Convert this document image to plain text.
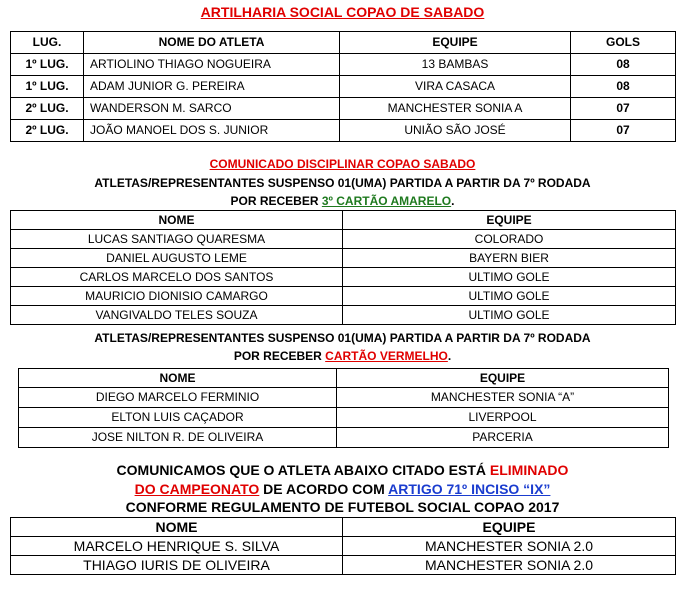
ARTILHARIA SOCIAL COPAO DE SABADO
LUG.	NOME DO ATLETA	EQUIPE	GOLS
1º LUG.	ARTIOLINO THIAGO NOGUEIRA	13 BAMBAS	08
1º LUG.	ADAM JUNIOR G. PEREIRA	VIRA CASACA	08
2º LUG.	WANDERSON M. SARCO	MANCHESTER SONIA A	07
2º LUG.	JOÃO MANOEL DOS S. JUNIOR	UNIÃO SÃO JOSÉ	07
COMUNICADO DISCIPLINAR COPAO SABADO
ATLETAS/REPRESENTANTES SUSPENSO 01(UMA) PARTIDA A PARTIR DA 7º RODADA
POR RECEBER 3º CARTÃO AMARELO.
NOME	EQUIPE
LUCAS SANTIAGO QUARESMA	COLORADO
DANIEL AUGUSTO LEME	BAYERN BIER
CARLOS MARCELO DOS SANTOS	ULTIMO GOLE
MAURICIO DIONISIO CAMARGO	ULTIMO GOLE
VANGIVALDO TELES SOUZA	ULTIMO GOLE
ATLETAS/REPRESENTANTES SUSPENSO 01(UMA) PARTIDA A PARTIR DA 7º RODADA
POR RECEBER CARTÃO VERMELHO.
NOME	EQUIPE
DIEGO MARCELO FERMINIO	MANCHESTER SONIA “A”
ELTON LUIS CAÇADOR	LIVERPOOL
JOSE NILTON R. DE OLIVEIRA	PARCERIA
COMUNICAMOS QUE O ATLETA ABAIXO CITADO ESTÁ ELIMINADO
DO CAMPEONATO DE ACORDO COM ARTIGO 71º INCISO “IX”
CONFORME REGULAMENTO DE FUTEBOL SOCIAL COPAO 2017
NOME	EQUIPE
MARCELO HENRIQUE S. SILVA	MANCHESTER SONIA 2.0
THIAGO IURIS DE OLIVEIRA	MANCHESTER SONIA 2.0
